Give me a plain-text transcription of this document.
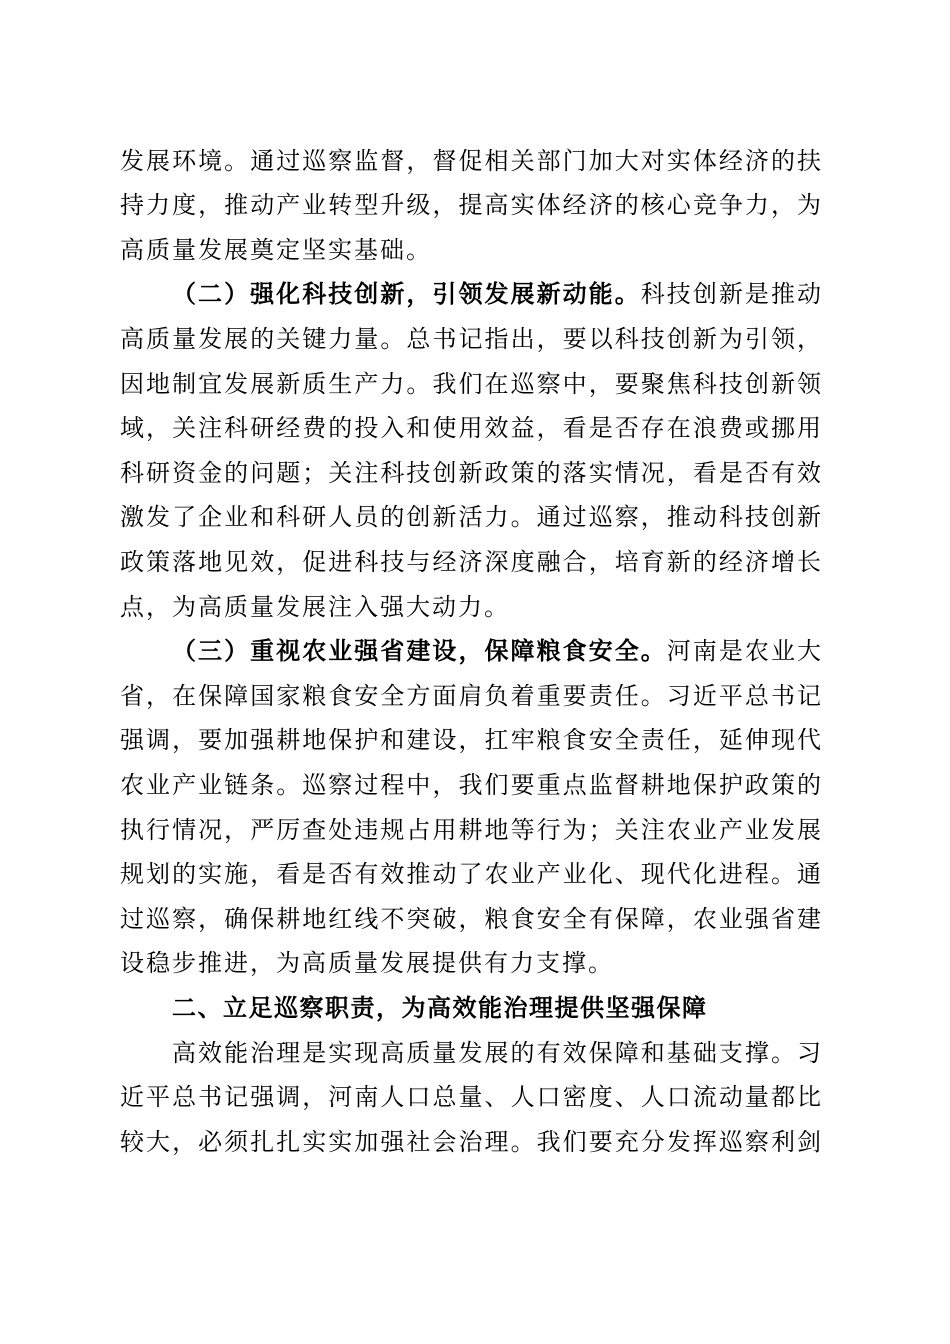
发展环境。通过巡察监督，督促相关部门加大对实体经济的扶
持力度，推动产业转型升级，提高实体经济的核心竞争力，为
高质量发展奠定坚实基础。
（二）强化科技创新，引领发展新动能。科技创新是推动
高质量发展的关键力量。总书记指出，要以科技创新为引领，
因地制宜发展新质生产力。我们在巡察中，要聚焦科技创新领
域，关注科研经费的投入和使用效益，看是否存在浪费或挪用
科研资金的问题；关注科技创新政策的落实情况，看是否有效
激发了企业和科研人员的创新活力。通过巡察，推动科技创新
政策落地见效，促进科技与经济深度融合，培育新的经济增长
点，为高质量发展注入强大动力。
（三）重视农业强省建设，保障粮食安全。河南是农业大
省，在保障国家粮食安全方面肩负着重要责任。习近平总书记
强调，要加强耕地保护和建设，扛牢粮食安全责任，延伸现代
农业产业链条。巡察过程中，我们要重点监督耕地保护政策的
执行情况，严厉查处违规占用耕地等行为；关注农业产业发展
规划的实施，看是否有效推动了农业产业化、现代化进程。通
过巡察，确保耕地红线不突破，粮食安全有保障，农业强省建
设稳步推进，为高质量发展提供有力支撑。
二、立足巡察职责，为高效能治理提供坚强保障
高效能治理是实现高质量发展的有效保障和基础支撑。习
近平总书记强调，河南人口总量、人口密度、人口流动量都比
较大，必须扎扎实实加强社会治理。我们要充分发挥巡察利剑
